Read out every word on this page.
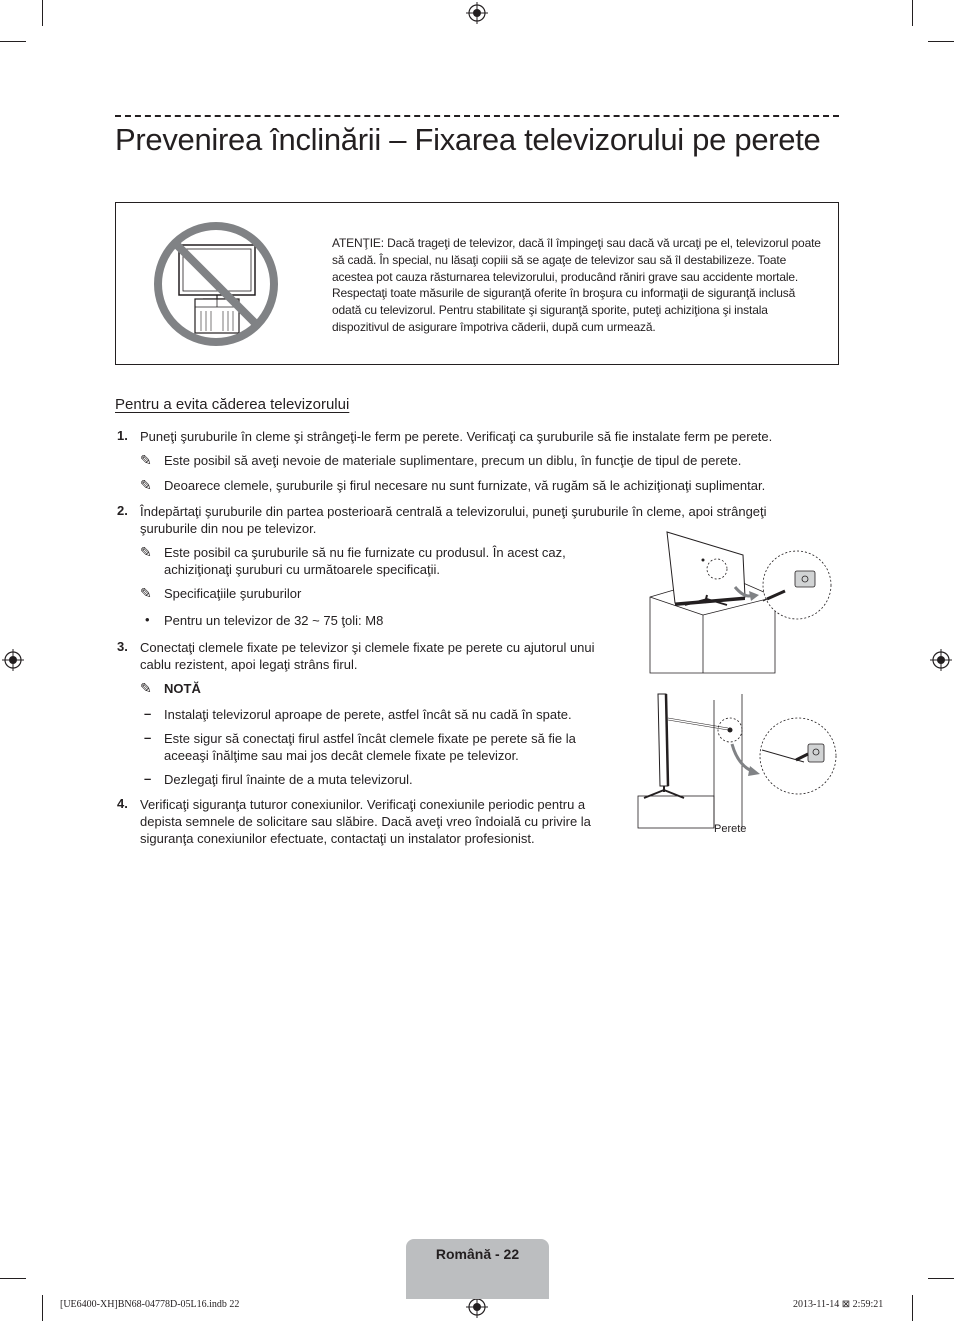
Prevenirea înclinării – Fixarea televizorului pe perete
ATENŢIE: Dacă trageţi de televizor, dacă îl împingeţi sau dacă vă urcaţi pe el, televizorul poate să cadă. În special, nu lăsaţi copiii să se agaţe de televizor sau să îl destabilizeze. Toate acestea pot cauza răsturnarea televizorului, producând răniri grave sau accidente mortale. Respectaţi toate măsurile de siguranţă oferite în broşura cu informaţii de siguranţă inclusă odată cu televizorul. Pentru stabilitate şi siguranţă sporite, puteţi achiziţiona şi instala dispozitivul de asigurare împotriva căderii, după cum urmează.
Pentru a evita căderea televizorului
1. Puneţi şuruburile în cleme şi strângeţi-le ferm pe perete. Verificaţi ca şuruburile să fie instalate ferm pe perete.
✎ Este posibil să aveţi nevoie de materiale suplimentare, precum un diblu, în funcţie de tipul de perete.
✎ Deoarece clemele, şuruburile şi firul necesare nu sunt furnizate, vă rugăm să le achiziţionaţi suplimentar.
2. Îndepărtaţi şuruburile din partea posterioară centrală a televizorului, puneţi şuruburile în cleme, apoi strângeţi şuruburile din nou pe televizor.
✎ Este posibil ca şuruburile să nu fie furnizate cu produsul. În acest caz, achiziţionaţi şuruburi cu următoarele specificaţii.
✎ Specificaţiile şuruburilor
• Pentru un televizor de 32 ~ 75 ţoli: M8
3. Conectaţi clemele fixate pe televizor şi clemele fixate pe perete cu ajutorul unui cablu rezistent, apoi legaţi strâns firul.
✎ NOTĂ
– Instalaţi televizorul aproape de perete, astfel încât să nu cadă în spate.
– Este sigur să conectaţi firul astfel încât clemele fixate pe perete să fie la aceeaşi înălţime sau mai jos decât clemele fixate pe televizor.
– Dezlegaţi firul înainte de a muta televizorul.
4. Verificaţi siguranţa tuturor conexiunilor. Verificaţi conexiunile periodic pentru a depista semnele de solicitare sau slăbire. Dacă aveţi vreo îndoială cu privire la siguranţa conexiunilor efectuate, contactaţi un instalator profesionist.
Perete
Română - 22
[UE6400-XH]BN68-04778D-05L16.indb 22	2013-11-14 ⊠ 2:59:21
